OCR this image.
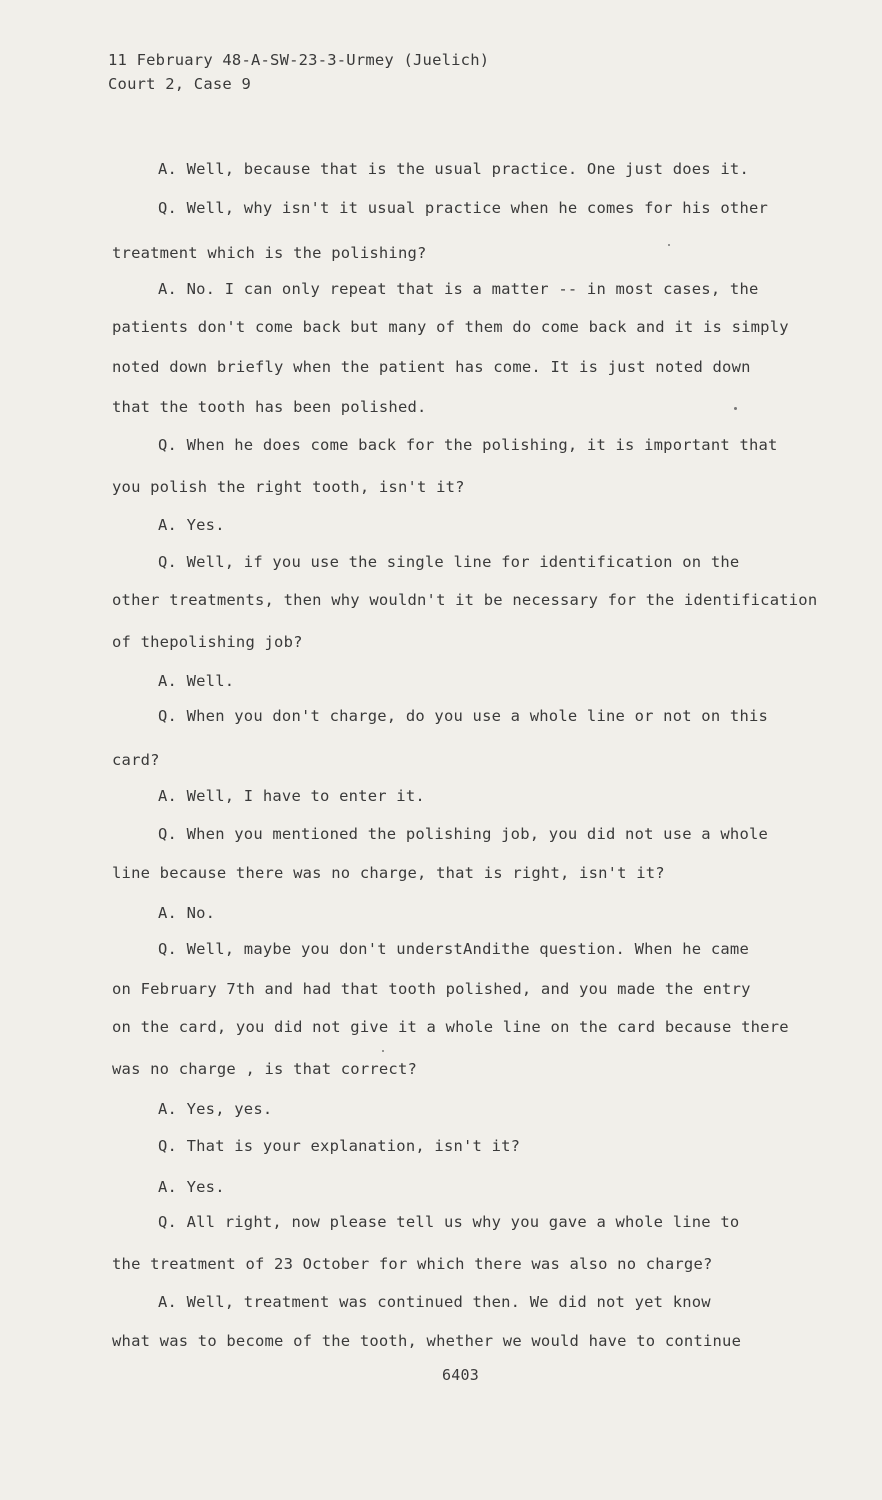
11 February 48-A-SW-23-3-Urmey (Juelich)
Court 2, Case 9
A. Well, because that is the usual practice. One just does it.
Q. Well, why isn't it usual practice when he comes for his other
treatment which is the polishing?
A. No. I can only repeat that is a matter -- in most cases, the
patients don't come back but many of them do come back and it is simply
noted down briefly when the patient has come. It is just noted down
that the tooth has been polished.
Q. When he does come back for the polishing, it is important that
you polish the right tooth, isn't it?
A. Yes.
Q. Well, if you use the single line for identification on the
other treatments, then why wouldn't it be necessary for the identification
of thepolishing job?
A. Well.
Q. When you don't charge, do you use a whole line or not on this
card?
A. Well, I have to enter it.
Q. When you mentioned the polishing job, you did not use a whole
line because there was no charge, that is right, isn't it?
A. No.
Q. Well, maybe you don't understAndithe question. When he came
on February 7th and had that tooth polished, and you made the entry
on the card, you did not give it a whole line on the card because there
was no charge , is that correct?
A. Yes, yes.
Q. That is your explanation, isn't it?
A. Yes.
Q. All right, now please tell us why you gave a whole line to
the treatment of 23 October for which there was also no charge?
A. Well, treatment was continued then. We did not yet know
what was to become of the tooth, whether we would have to continue
6403
